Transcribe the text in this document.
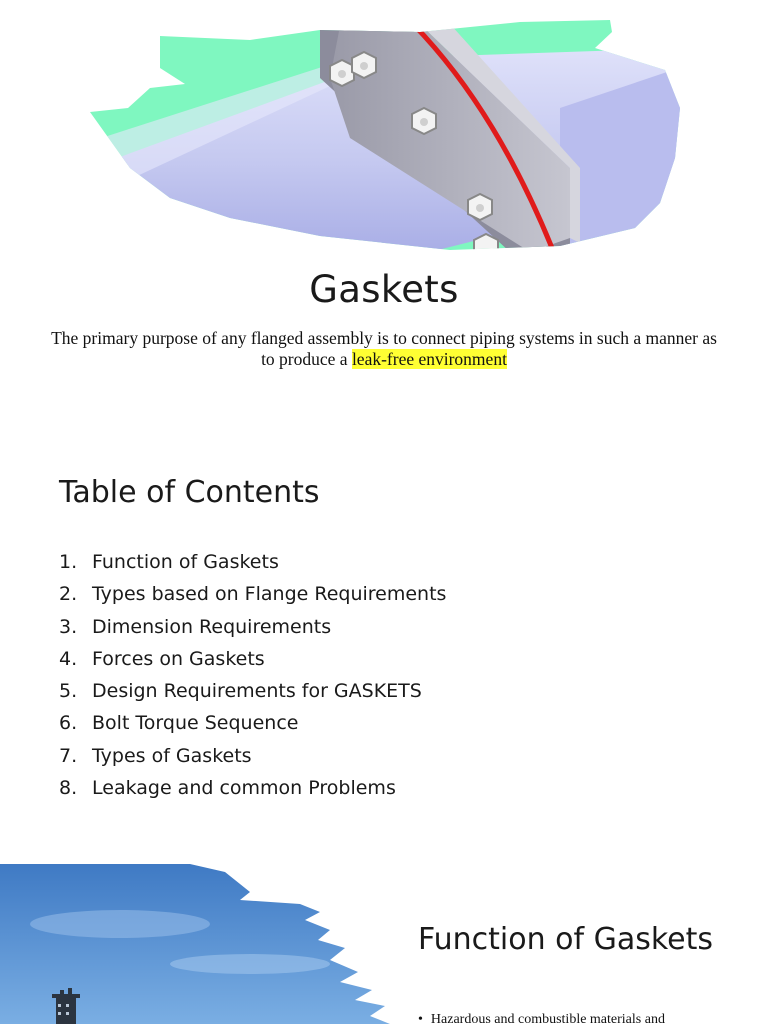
Gaskets

The primary purpose of any flanged assembly is to connect piping systems in such a manner as to produce a leak-free environment

Table of Contents
1. Function of Gaskets
2. Types based on Flange Requirements
3. Dimension Requirements
4. Forces on Gaskets
5. Design Requirements for GASKETS
6. Bolt Torque Sequence
7. Types of Gaskets
8. Leakage and common Problems
Function of Gaskets
• Hazardous and combustible materials and
